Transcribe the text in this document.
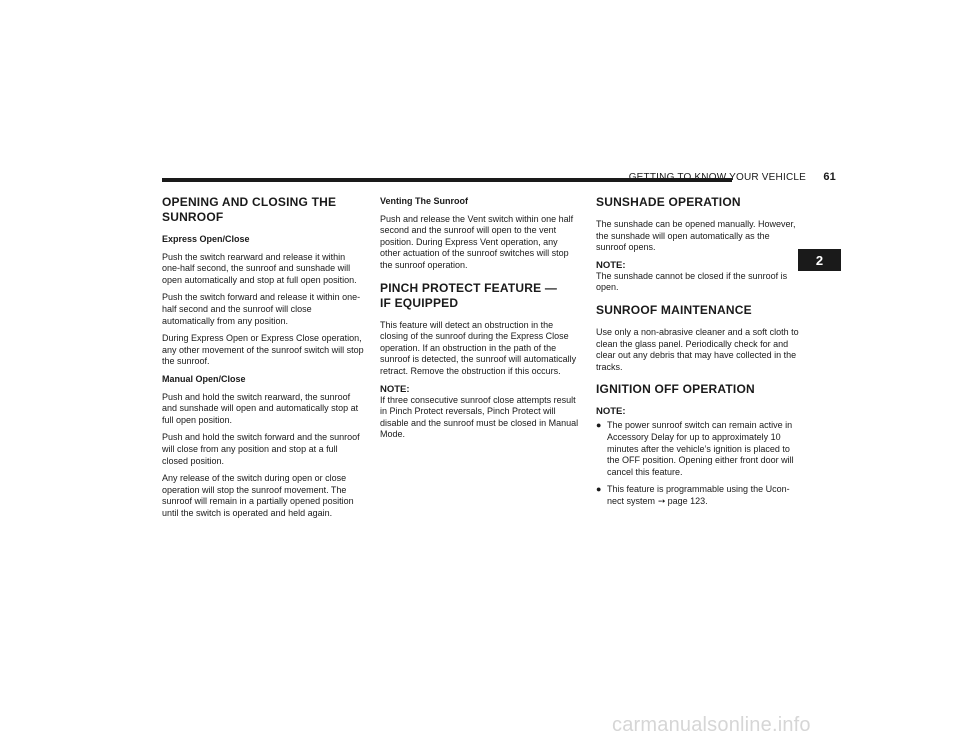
GETTING TO KNOW YOUR VEHICLE 61
2
OPENING AND CLOSING THE SUNROOF
Express Open/Close

Push the switch rearward and release it within one-half second, the sunroof and sunshade will open automatically and stop at full open position.

Push the switch forward and release it within one-half second and the sunroof will close automatically from any position.

During Express Open or Express Close operation, any other movement of the sunroof switch will stop the sunroof.

Manual Open/Close

Push and hold the switch rearward, the sunroof and sunshade will open and automatically stop at full open position.

Push and hold the switch forward and the sunroof will close from any position and stop at a full closed position.

Any release of the switch during open or close operation will stop the sunroof movement. The sunroof will remain in a partially opened position until the switch is operated and held again.

Venting The Sunroof

Push and release the Vent switch within one half second and the sunroof will open to the vent position. During Express Vent operation, any other actuation of the sunroof switches will stop the sunroof operation.

PINCH PROTECT FEATURE —
IF EQUIPPED

This feature will detect an obstruction in the closing of the sunroof during the Express Close operation. If an obstruction in the path of the sunroof is detected, the sunroof will automatically retract. Remove the obstruction if this occurs.

NOTE:

If three consecutive sunroof close attempts result in Pinch Protect reversals, Pinch Protect will disable and the sunroof must be closed in Manual Mode.

SUNSHADE OPERATION

The sunshade can be opened manually. However, the sunshade will open automatically as the sunroof opens.

NOTE:

The sunshade cannot be closed if the sunroof is open.

SUNROOF MAINTENANCE

Use only a non-abrasive cleaner and a soft cloth to clean the glass panel. Periodically check for and clear out any debris that may have collected in the tracks.

IGNITION OFF OPERATION
NOTE:
● The power sunroof switch can remain active in Accessory Delay for up to approximately 10 minutes after the vehicle’s ignition is placed to the OFF position. Opening either front door will cancel this feature.
● This feature is programmable using the Ucon-nect system ➙ page 123.
carmanualsonline.info
